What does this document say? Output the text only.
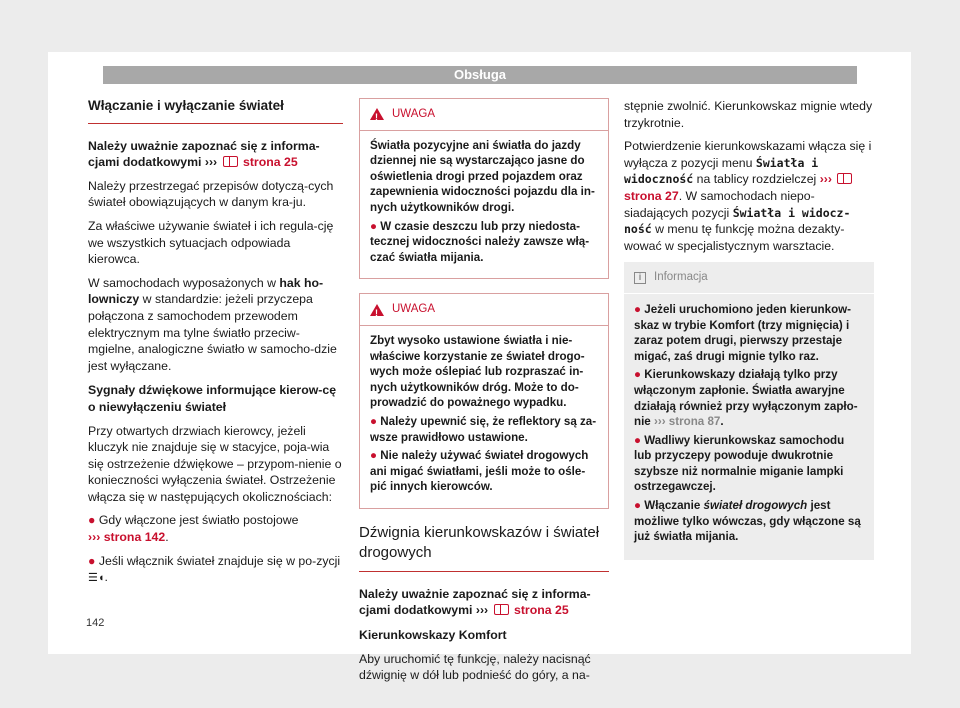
Obsługa
Włączanie i wyłączanie świateł

Należy uważnie zapoznać się z informa-cjami dodatkowymi ››› strona 25

Należy przestrzegać przepisów dotyczą-cych świateł obowiązujących w danym kra-ju.

Za właściwe używanie świateł i ich regula-cję we wszystkich sytuacjach odpowiada kierowca.

W samochodach wyposażonych w hak ho-lowniczy w standardzie: jeżeli przyczepa połączona z samochodem przewodem elektrycznym ma tylne światło przeciw-mgielne, analogiczne światło w samocho-dzie jest wyłączane.

Sygnały dźwiękowe informujące kierow-cę o niewyłączeniu świateł

Przy otwartych drzwiach kierowcy, jeżeli kluczyk nie znajduje się w stacyjce, poja-wia się ostrzeżenie dźwiękowe – przypom-nienie o konieczności wyłączenia świateł. Ostrzeżenie włącza się w następujących okolicznościach:

● Gdy włączone jest światło postojowe
››› strona 142.

● Jeśli włącznik świateł znajduje się w po-zycji ☰◖.

!
UWAGA

Światła pozycyjne ani światła do jazdy dziennej nie są wystarczająco jasne do oświetlenia drogi przed pojazdem oraz zapewnienia widoczności pojazdu dla in-nych użytkowników drogi.

● W czasie deszczu lub przy niedosta-tecznej widoczności należy zawsze włą-czać światła mijania.

!
UWAGA

Zbyt wysoko ustawione światła i nie-właściwe korzystanie ze świateł drogo-wych może oślepiać lub rozpraszać in-nych użytkowników dróg. Może to do-prowadzić do poważnego wypadku.

● Należy upewnić się, że reflektory są za-wsze prawidłowo ustawione.

● Nie należy używać świateł drogowych ani migać światłami, jeśli może to ośle-pić innych kierowców.

Dźwignia kierunkowskazów i świateł drogowych

Należy uważnie zapoznać się z informa-cjami dodatkowymi ››› strona 25

Kierunkowskazy Komfort

Aby uruchomić tę funkcję, należy nacisnąć dźwignię w dół lub podnieść do góry, a na-

stępnie zwolnić. Kierunkowskaz mignie wtedy trzykrotnie.

Potwierdzenie kierunkowskazami włącza się i wyłącza z pozycji menu Światła i widoczność na tablicy rozdzielczej ›››  strona 27. W samochodach niepo-siadających pozycji Światła i widocz-ność w menu tę funkcję można dezakty-wować w specjalistycznym warsztacie.

i	Informacja

● Jeżeli uruchomiono jeden kierunkow-skaz w trybie Komfort (trzy mignięcia) i zaraz potem drugi, pierwszy przestaje migać, zaś drugi mignie tylko raz.

● Kierunkowskazy działają tylko przy włączonym zapłonie. Światła awaryjne działają również przy wyłączonym zapło-nie ››› strona 87.

● Wadliwy kierunkowskaz samochodu lub przyczepy powoduje dwukrotnie szybsze niż normalnie miganie lampki ostrzegawczej.

● Włączanie świateł drogowych jest możliwe tylko wówczas, gdy włączone są już światła mijania.

142
